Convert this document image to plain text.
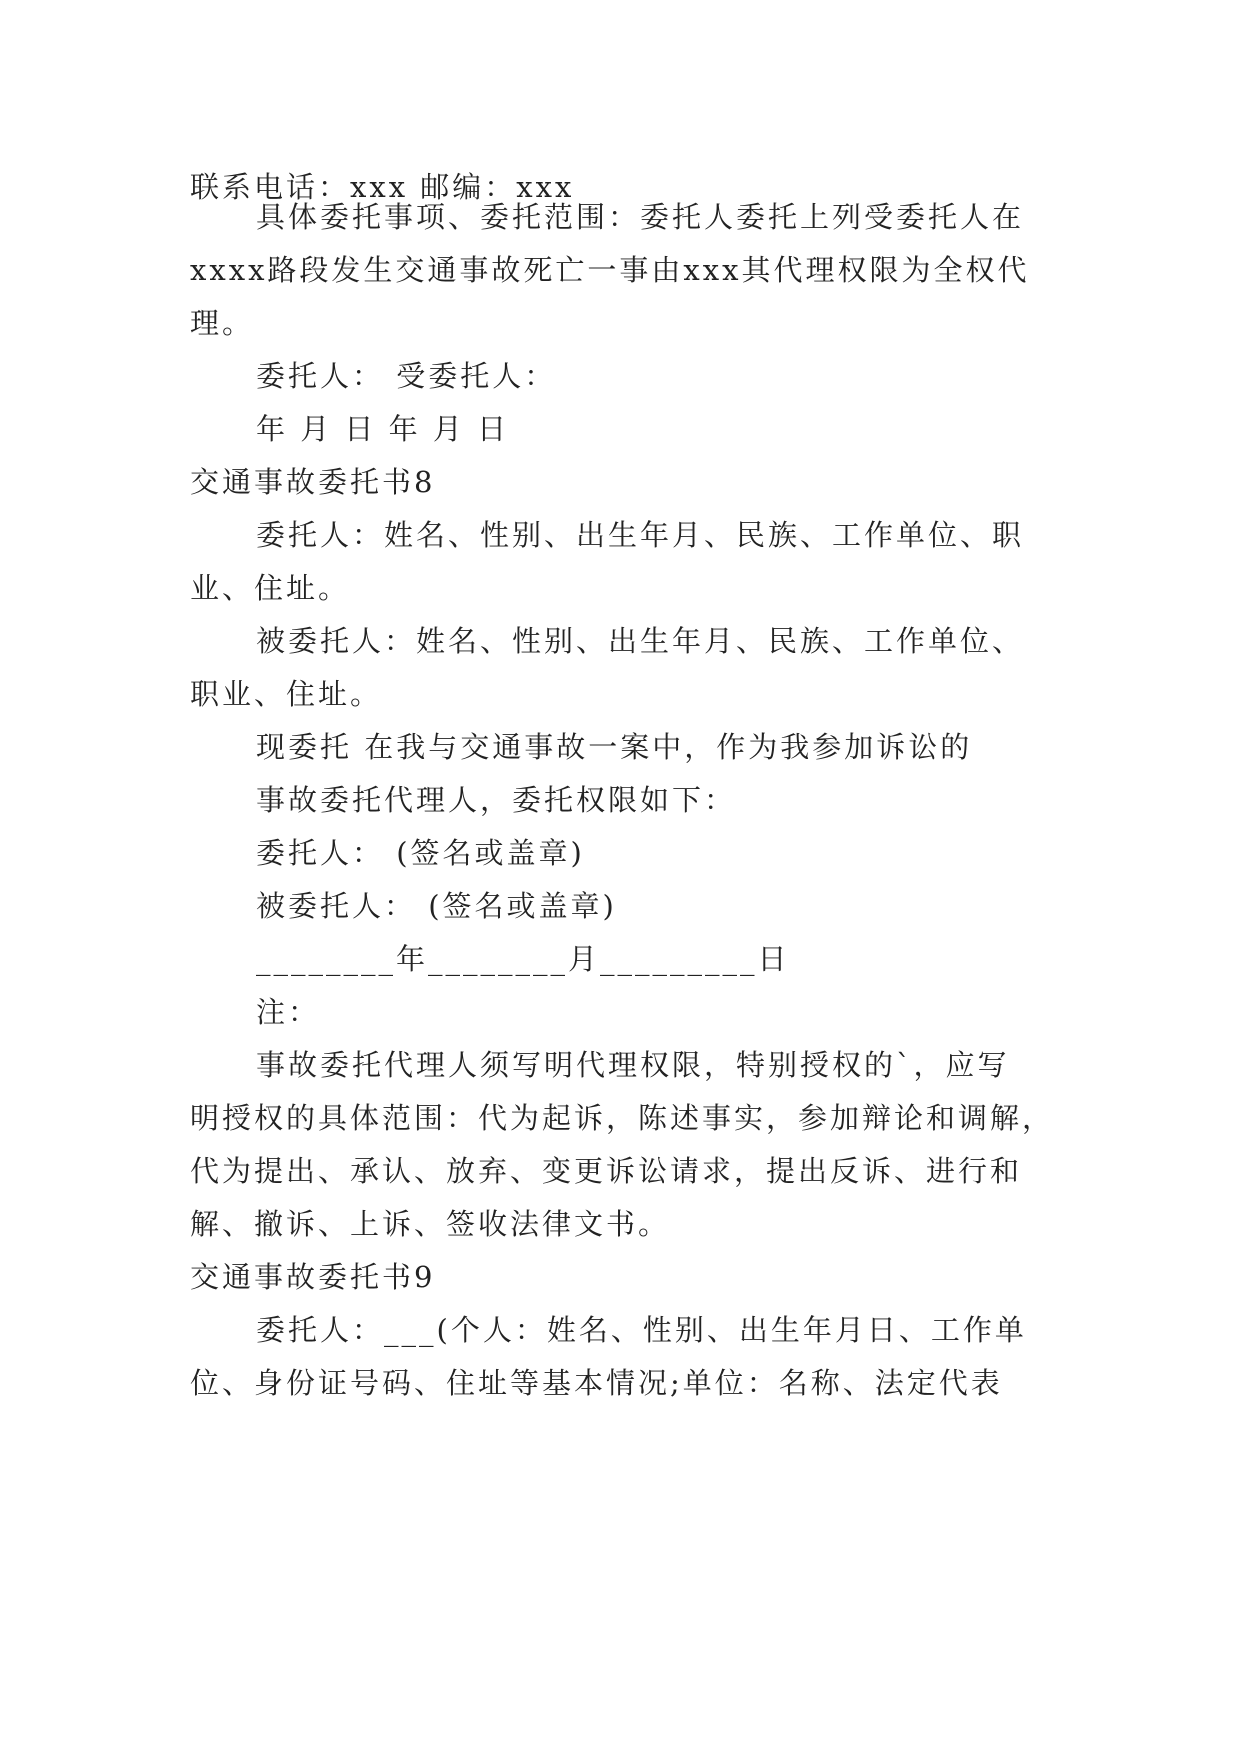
联系电话：xxx 邮编：xxx
具体委托事项、委托范围：委托人委托上列受委托人在
xxxx路段发生交通事故死亡一事由xxx其代理权限为全权代
理。
委托人： 受委托人：
年 月 日 年 月 日
交通事故委托书8
委托人：姓名、性别、出生年月、民族、工作单位、职
业、住址。
被委托人：姓名、性别、出生年月、民族、工作单位、
职业、住址。
现委托 在我与交通事故一案中，作为我参加诉讼的
事故委托代理人，委托权限如下：
委托人： (签名或盖章)
被委托人： (签名或盖章)
________年________月_________日
注：
事故委托代理人须写明代理权限，特别授权的`，应写
明授权的具体范围：代为起诉，陈述事实，参加辩论和调解，
代为提出、承认、放弃、变更诉讼请求，提出反诉、进行和
解、撤诉、上诉、签收法律文书。
交通事故委托书9
委托人：___(个人：姓名、性别、出生年月日、工作单
位、身份证号码、住址等基本情况;单位：名称、法定代表
